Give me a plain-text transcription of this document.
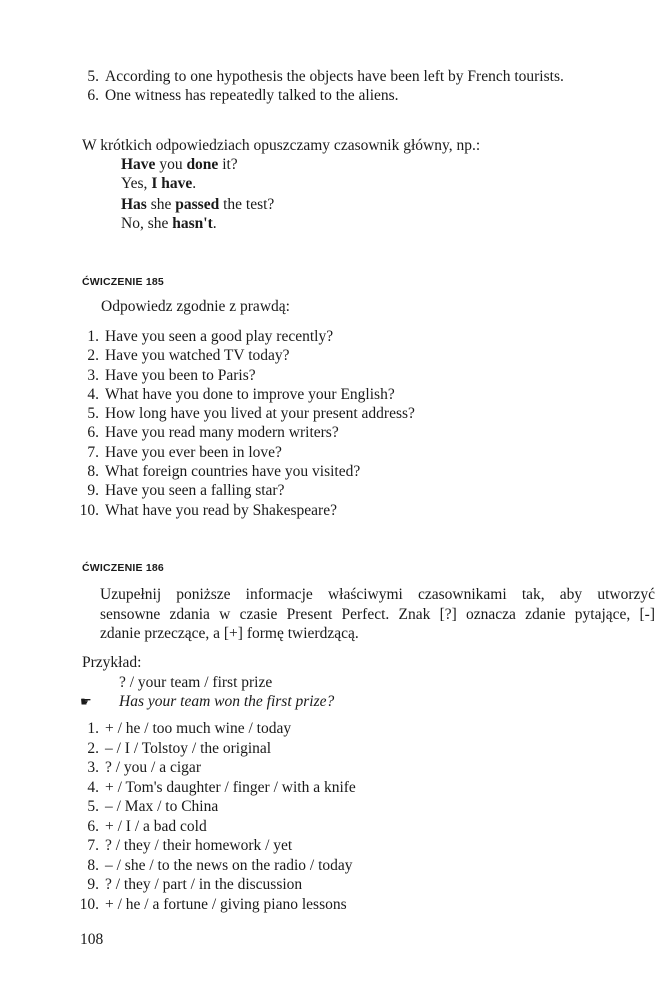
5. According to one hypothesis the objects have been left by French tourists.
6. One witness has repeatedly talked to the aliens.
W krótkich odpowiedziach opuszczamy czasownik główny, np.:
Have you done it?
Yes, I have.
Has she passed the test?
No, she hasn't.
ĆWICZENIE 185
Odpowiedz zgodnie z prawdą:
1. Have you seen a good play recently?
2. Have you watched TV today?
3. Have you been to Paris?
4. What have you done to improve your English?
5. How long have you lived at your present address?
6. Have you read many modern writers?
7. Have you ever been in love?
8. What foreign countries have you visited?
9. Have you seen a falling star?
10. What have you read by Shakespeare?
ĆWICZENIE 186
Uzupełnij poniższe informacje właściwymi czasownikami tak, aby utworzyć
sensowne zdania w czasie Present Perfect. Znak [?] oznacza zdanie pytające, [-]
zdanie przeczące, a [+] formę twierdzącą.
Przykład:
? / your team / first prize
☛ Has your team won the first prize?
1. + / he / too much wine / today
2. – / I / Tolstoy / the original
3. ? / you / a cigar
4. + / Tom's daughter / finger / with a knife
5. – / Max / to China
6. + / I / a bad cold
7. ? / they / their homework / yet
8. – / she / to the news on the radio / today
9. ? / they / part / in the discussion
10. + / he / a fortune / giving piano lessons
108
